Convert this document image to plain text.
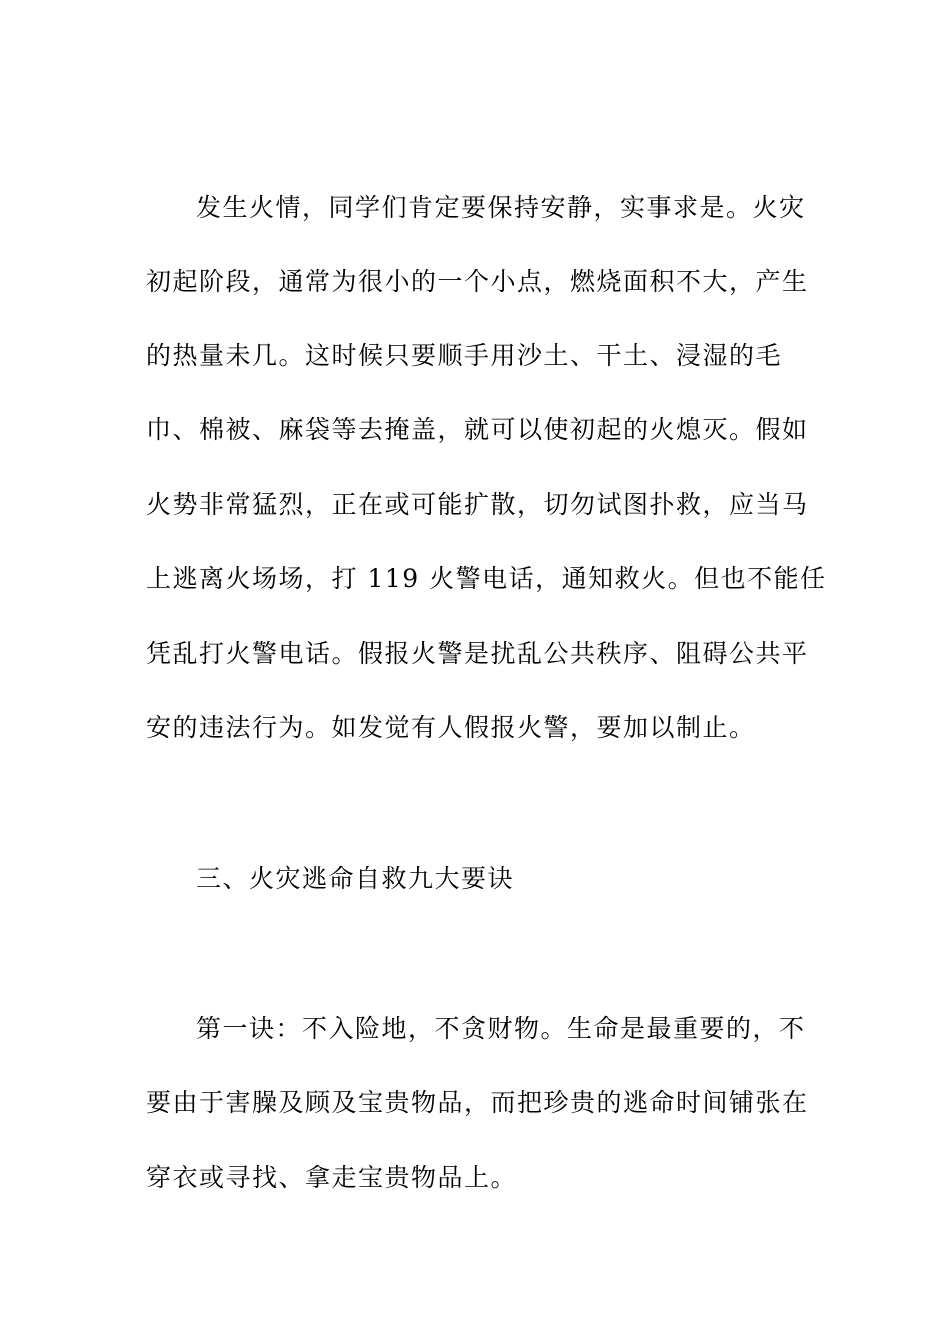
发生火情，同学们肯定要保持安静，实事求是。火灾
初起阶段，通常为很小的一个小点，燃烧面积不大，产生
的热量未几。这时候只要顺手用沙土、干土、浸湿的毛
巾、棉被、麻袋等去掩盖，就可以使初起的火熄灭。假如
火势非常猛烈，正在或可能扩散，切勿试图扑救，应当马
上逃离火场场，打 119 火警电话，通知救火。但也不能任
凭乱打火警电话。假报火警是扰乱公共秩序、阻碍公共平
安的违法行为。如发觉有人假报火警，要加以制止。
三、火灾逃命自救九大要诀
第一诀：不入险地，不贪财物。生命是最重要的，不
要由于害臊及顾及宝贵物品，而把珍贵的逃命时间铺张在
穿衣或寻找、拿走宝贵物品上。
